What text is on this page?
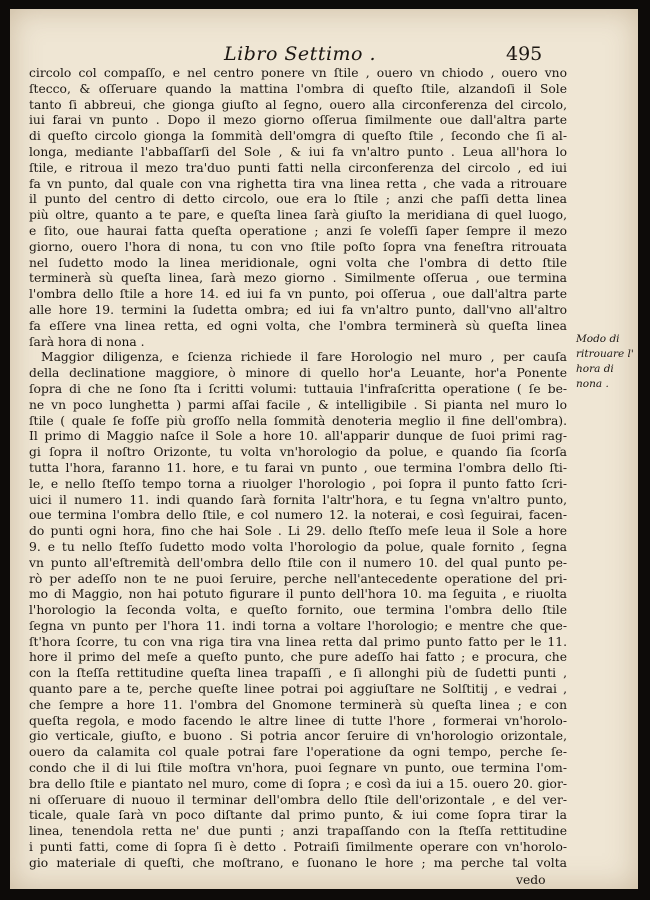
Libro Settimo .	495
circolo col compaſſo, e nel centro ponere vn ſtile , ouero vn chiodo , ouero vno
ſtecco, & oſſeruare quando la mattina l'ombra di queſto ſtile, alzandoſi il Sole
tanto ſi abbreui, che gionga giuſto al ſegno, ouero alla circonferenza del circolo,
iui farai vn punto . Dopo il mezo giorno oſſerua ſimilmente oue dall'altra parte
di queſto circolo gionga la ſommità dell'omgra di queſto ſtile , ſecondo che ſi al-
longa, mediante l'abbaſſarſi del Sole , & iui fa vn'altro punto . Leua all'hora lo
ſtile, e ritroua il mezo tra'duo punti fatti nella circonferenza del circolo , ed iui
fa vn punto, dal quale con vna righetta tira vna linea retta , che vada a ritrouare
il punto del centro di detto circolo, oue era lo ſtile ; anzi che paſſi detta linea
più oltre, quanto a te pare, e queſta linea ſarà giuſto la meridiana di quel luogo,
e ſito, oue haurai fatta queſta operatione ; anzi ſe voleſſi ſaper ſempre il mezo
giorno, ouero l'hora di nona, tu con vno ſtile poſto ſopra vna feneſtra ritrouata
nel ſudetto modo la linea meridionale, ogni volta che l'ombra di detto ſtile
terminerà sù queſta linea, ſarà mezo giorno . Similmente oſſerua , oue termina
l'ombra dello ſtile a hore 14. ed iui fa vn punto, poi oſſerua , oue dall'altra parte
alle hore 19. termini la ſudetta ombra; ed iui fa vn'altro punto, dall'vno all'altro
fa eſſere vna linea retta, ed ogni volta, che l'ombra terminerà sù queſta linea
ſarà hora di nona .
Maggior diligenza, e ſcienza richiede il fare Horologio nel muro , per cauſa
della declinatione maggiore, ò minore di quello hor'a Leuante, hor'a Ponente
ſopra di che ne ſono ſta i ſcritti volumi: tuttauia l'infraſcritta operatione ( ſe be-
ne vn poco lunghetta ) parmi aſſai facile , & intelligibile . Si pianta nel muro lo
ſtile ( quale ſe foſſe più groſſo nella ſommità denoteria meglio il fine dell'ombra).
Il primo di Maggio naſce il Sole a hore 10. all'apparir dunque de ſuoi primi rag-
gi ſopra il noſtro Orizonte, tu volta vn'horologio da polue, e quando ſia ſcorſa
tutta l'hora, faranno 11. hore, e tu farai vn punto , oue termina l'ombra dello ſti-
le, e nello ſteſſo tempo torna a riuolger l'horologio , poi ſopra il punto fatto ſcri-
uici il numero 11. indi quando ſarà fornita l'altr'hora, e tu ſegna vn'altro punto,
oue termina l'ombra dello ſtile, e col numero 12. la noterai, e così ſeguirai, facen-
do punti ogni hora, fino che hai Sole . Li 29. dello ſteſſo meſe leua il Sole a hore
9. e tu nello ſteſſo ſudetto modo volta l'horologio da polue, quale fornito , ſegna
vn punto all'eſtremità dell'ombra dello ſtile con il numero 10. del qual punto pe-
rò per adeſſo non te ne puoi ſeruire, perche nell'antecedente operatione del pri-
mo di Maggio, non hai potuto figurare il punto dell'hora 10. ma ſeguita , e riuolta
l'horologio la ſeconda volta, e queſto fornito, oue termina l'ombra dello ſtile
ſegna vn punto per l'hora 11. indi torna a voltare l'horologio; e mentre che que-
ſt'hora ſcorre, tu con vna riga tira vna linea retta dal primo punto fatto per le 11.
hore il primo del meſe a queſto punto, che pure adeſſo hai fatto ; e procura, che
con la ſteſſa rettitudine queſta linea trapaſſi , e ſi allonghi più de ſudetti punti ,
quanto pare a te, perche queſte linee potrai poi aggiuſtare ne Solſtitij , e vedrai ,
che ſempre a hore 11. l'ombra del Gnomone terminerà sù queſta linea ; e con
queſta regola, e modo facendo le altre linee di tutte l'hore , formerai vn'horolo-
gio verticale, giuſto, e buono . Si potria ancor ſeruire di vn'horologio orizontale,
ouero da calamita col quale potrai fare l'operatione da ogni tempo, perche ſe-
condo che il di lui ſtile moſtra vn'hora, puoi ſegnare vn punto, oue termina l'om-
bra dello ſtile e piantato nel muro, come di ſopra ; e così da iui a 15. ouero 20. gior-
ni oſſeruare di nuouo il terminar dell'ombra dello ſtile dell'orizontale , e del ver-
ticale, quale ſarà vn poco diſtante dal primo punto, & iui come ſopra tirar la
linea, tenendola retta ne' due punti ; anzi trapaſſando con la ſteſſa rettitudine
i punti fatti, come di ſopra ſi è detto . Potraiſi ſimilmente operare con vn'horolo-
gio materiale di queſti, che moſtrano, e ſuonano le hore ; ma perche tal volta
Modo di
ritrouare l'
hora di
nona .
vedo
